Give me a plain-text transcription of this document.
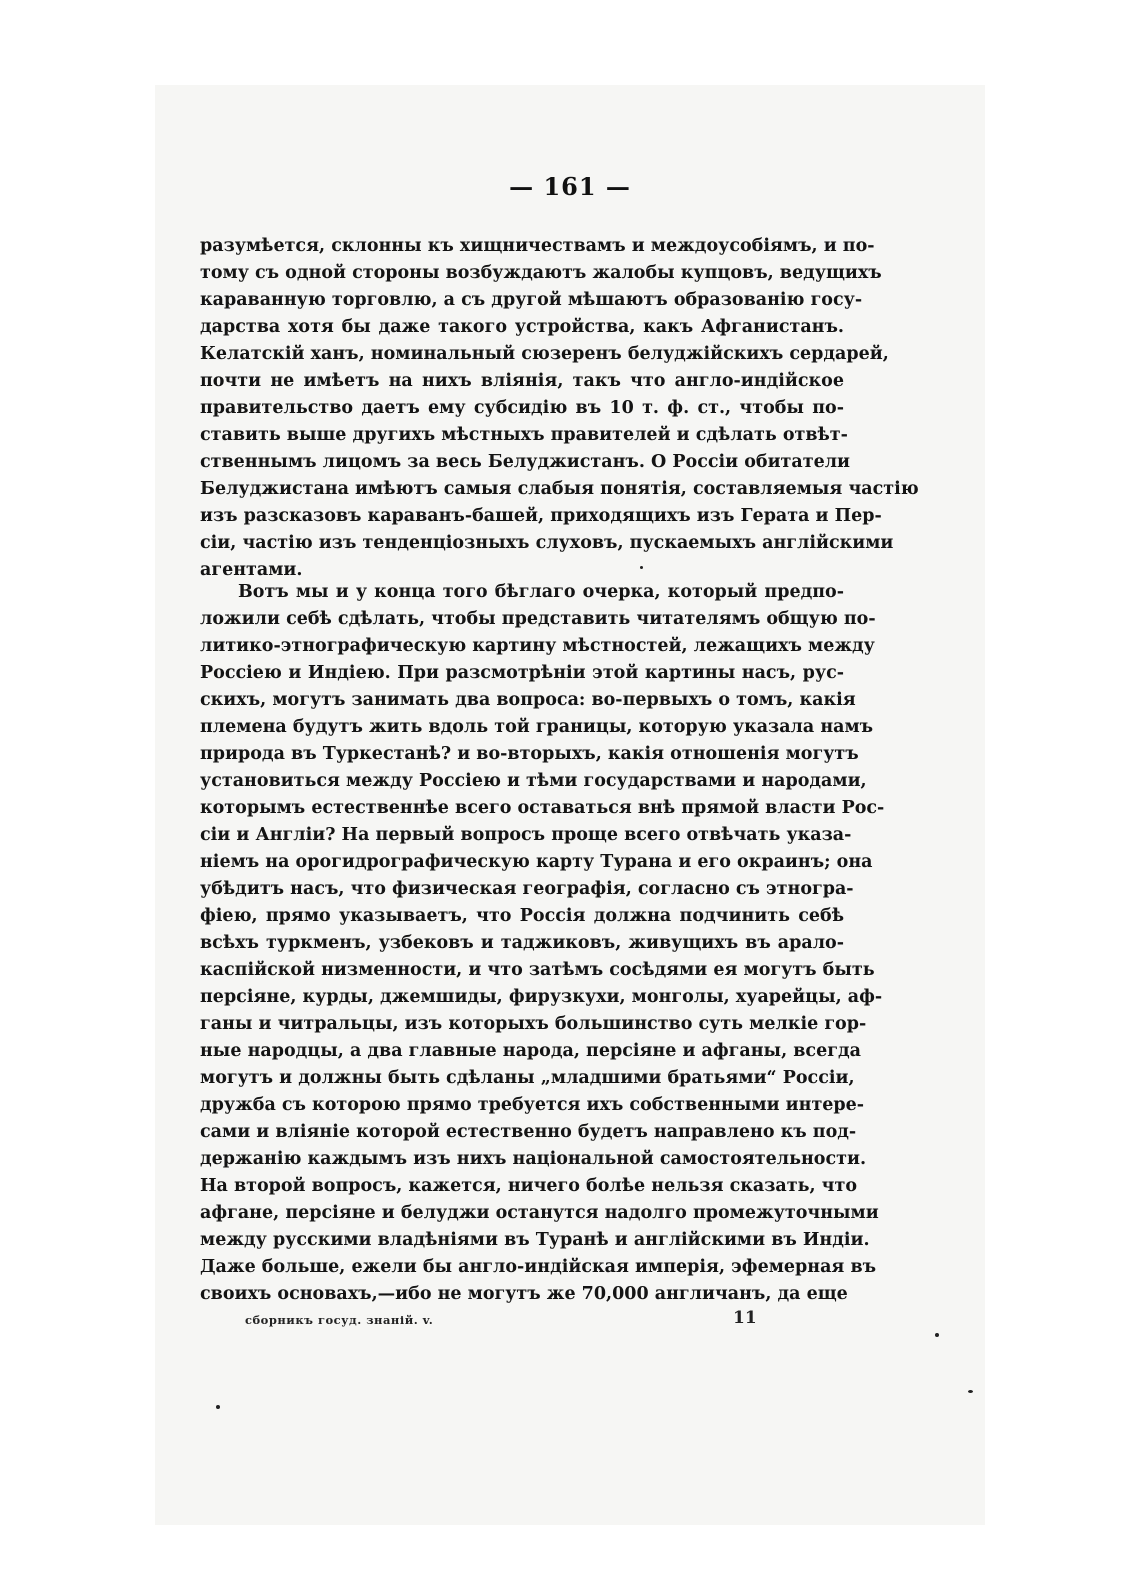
— 161 —
разумѣется, склонны къ хищничествамъ и междоусобіямъ, и по-
тому съ одной стороны возбуждаютъ жалобы купцовъ, ведущихъ
караванную торговлю, а съ другой мѣшаютъ образованію госу-
дарства хотя бы даже такого устройства, какъ Афганистанъ.
Келатскій ханъ, номинальный сюзеренъ белуджійскихъ сердарей,
почти не имѣетъ на нихъ вліянія, такъ что англо-индійское
правительство даетъ ему субсидію въ 10 т. ф. ст., чтобы по-
ставить выше другихъ мѣстныхъ правителей и сдѣлать отвѣт-
ственнымъ лицомъ за весь Белуджистанъ. О Россіи обитатели
Белуджистана имѣютъ самыя слабыя понятія, составляемыя частію
изъ разсказовъ караванъ-башей, приходящихъ изъ Герата и Пер-
сіи, частію изъ тенденціозныхъ слуховъ, пускаемыхъ англійскими
агентами.
Вотъ мы и у конца того бѣглаго очерка, который предпо-
ложили себѣ сдѣлать, чтобы представить читателямъ общую по-
литико-этнографическую картину мѣстностей, лежащихъ между
Россіею и Индіею. При разсмотрѣніи этой картины насъ, рус-
скихъ, могутъ занимать два вопроса: во-первыхъ о томъ, какія
племена будутъ жить вдоль той границы, которую указала намъ
природа въ Туркестанѣ? и во-вторыхъ, какія отношенія могутъ
установиться между Россіею и тѣми государствами и народами,
которымъ естественнѣе всего оставаться внѣ прямой власти Рос-
сіи и Англіи? На первый вопросъ проще всего отвѣчать указа-
ніемъ на орогидрографическую карту Турана и его окраинъ; она
убѣдитъ насъ, что физическая географія, согласно съ этногра-
фіею, прямо указываетъ, что Россія должна подчинить себѣ
всѣхъ туркменъ, узбековъ и таджиковъ, живущихъ въ арало-
каспійской низменности, и что затѣмъ сосѣдями ея могутъ быть
персіяне, курды, джемшиды, фирузкухи, монголы, хуарейцы, аф-
ганы и читральцы, изъ которыхъ большинство суть мелкіе гор-
ные народцы, а два главные народа, персіяне и афганы, всегда
могутъ и должны быть сдѣланы „младшими братьями“ Россіи,
дружба съ которою прямо требуется ихъ собственными интере-
сами и вліяніе которой естественно будетъ направлено къ под-
держанію каждымъ изъ нихъ національной самостоятельности.
На второй вопросъ, кажется, ничего болѣе нельзя сказать, что
афганe, персіяне и белуджи останутся надолго промежуточными
между русскими владѣніями въ Туранѣ и англійскими въ Индіи.
Даже больше, ежели бы англо-индійская имперія, эфемерная въ
своихъ основахъ,—ибо не могутъ же 70,000 англичанъ, да еще
сборникъ госуд. знаній. v.	11
